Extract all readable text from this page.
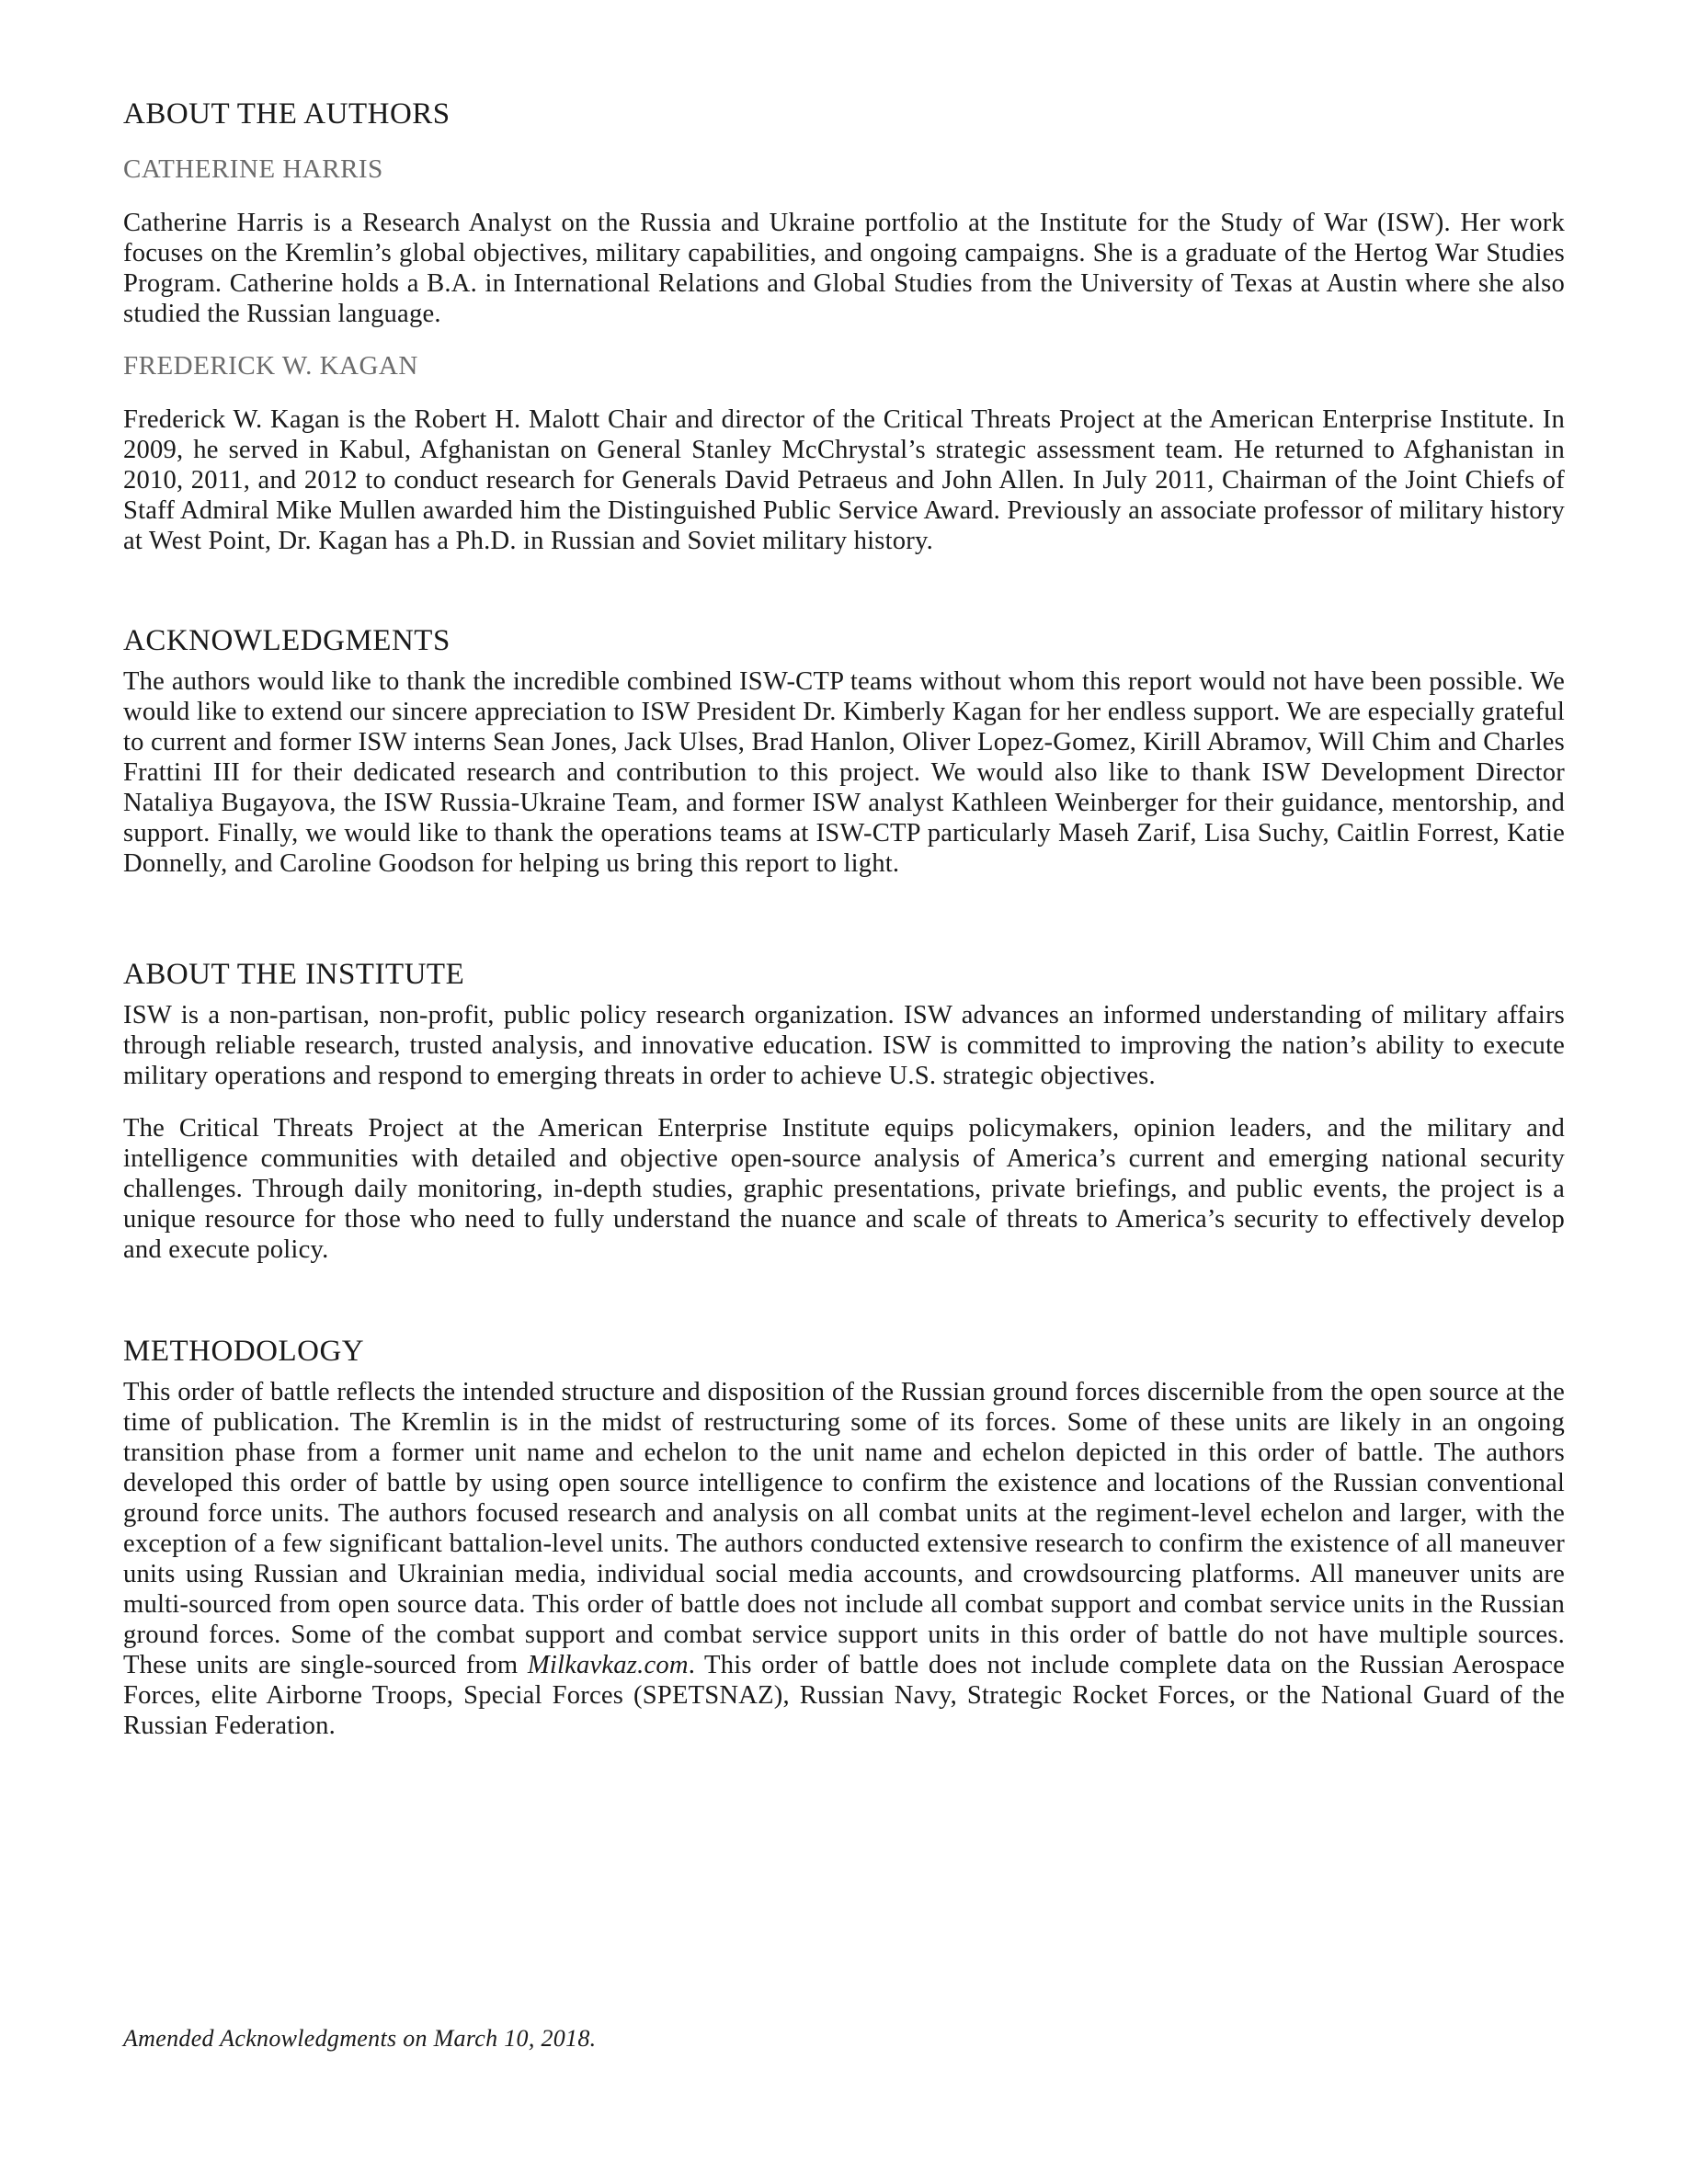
ABOUT THE AUTHORS
CATHERINE HARRIS

Catherine Harris is a Research Analyst on the Russia and Ukraine portfolio at the Institute for the Study of War (ISW). Her work focuses on the Kremlin’s global objectives, military capabilities, and ongoing campaigns. She is a graduate of the Hertog War Studies Program. Catherine holds a B.A. in International Relations and Global Studies from the University of Texas at Austin where she also studied the Russian language.

FREDERICK W. KAGAN

Frederick W. Kagan is the Robert H. Malott Chair and director of the Critical Threats Project at the American Enterprise Institute. In 2009, he served in Kabul, Afghanistan on General Stanley McChrystal’s strategic assessment team. He returned to Afghanistan in 2010, 2011, and 2012 to conduct research for Generals David Petraeus and John Allen. In July 2011, Chairman of the Joint Chiefs of Staff Admiral Mike Mullen awarded him the Distinguished Public Service Award. Previously an associate professor of military history at West Point, Dr. Kagan has a Ph.D. in Russian and Soviet military history.

ACKNOWLEDGMENTS

The authors would like to thank the incredible combined ISW-CTP teams without whom this report would not have been possible. We would like to extend our sincere appreciation to ISW President Dr. Kimberly Kagan for her endless support. We are especially grateful to current and former ISW interns Sean Jones, Jack Ulses, Brad Hanlon, Oliver Lopez-Gomez, Kirill Abramov, Will Chim and Charles Frattini III for their dedicated research and contribution to this project. We would also like to thank ISW Development Director Nataliya Bugayova, the ISW Russia-Ukraine Team, and former ISW analyst Kathleen Weinberger for their guidance, mentorship, and support. Finally, we would like to thank the operations teams at ISW-CTP particularly Maseh Zarif, Lisa Suchy, Caitlin Forrest, Katie Donnelly, and Caroline Goodson for helping us bring this report to light.

ABOUT THE INSTITUTE

ISW is a non-partisan, non-profit, public policy research organization. ISW advances an informed understanding of military affairs through reliable research, trusted analysis, and innovative education. ISW is committed to improving the nation’s ability to execute military operations and respond to emerging threats in order to achieve U.S. strategic objectives.

The Critical Threats Project at the American Enterprise Institute equips policymakers, opinion leaders, and the military and intelligence communities with detailed and objective open-source analysis of America’s current and emerging national security challenges. Through daily monitoring, in-depth studies, graphic presentations, private briefings, and public events, the project is a unique resource for those who need to fully understand the nuance and scale of threats to America’s security to effectively develop and execute policy.

METHODOLOGY

This order of battle reflects the intended structure and disposition of the Russian ground forces discernible from the open source at the time of publication. The Kremlin is in the midst of restructuring some of its forces. Some of these units are likely in an ongoing transition phase from a former unit name and echelon to the unit name and echelon depicted in this order of battle. The authors developed this order of battle by using open source intelligence to confirm the existence and locations of the Russian conventional ground force units. The authors focused research and analysis on all combat units at the regiment-level echelon and larger, with the exception of a few significant battalion-level units. The authors conducted extensive research to confirm the existence of all maneuver units using Russian and Ukrainian media, individual social media accounts, and crowdsourcing platforms. All maneuver units are multi-sourced from open source data. This order of battle does not include all combat support and combat service units in the Russian ground forces. Some of the combat support and combat service support units in this order of battle do not have multiple sources. These units are single-sourced from Milkavkaz.com. This order of battle does not include complete data on the Russian Aerospace Forces, elite Airborne Troops, Special Forces (SPETSNAZ), Russian Navy, Strategic Rocket Forces, or the National Guard of the Russian Federation.

Amended Acknowledgments on March 10, 2018.
